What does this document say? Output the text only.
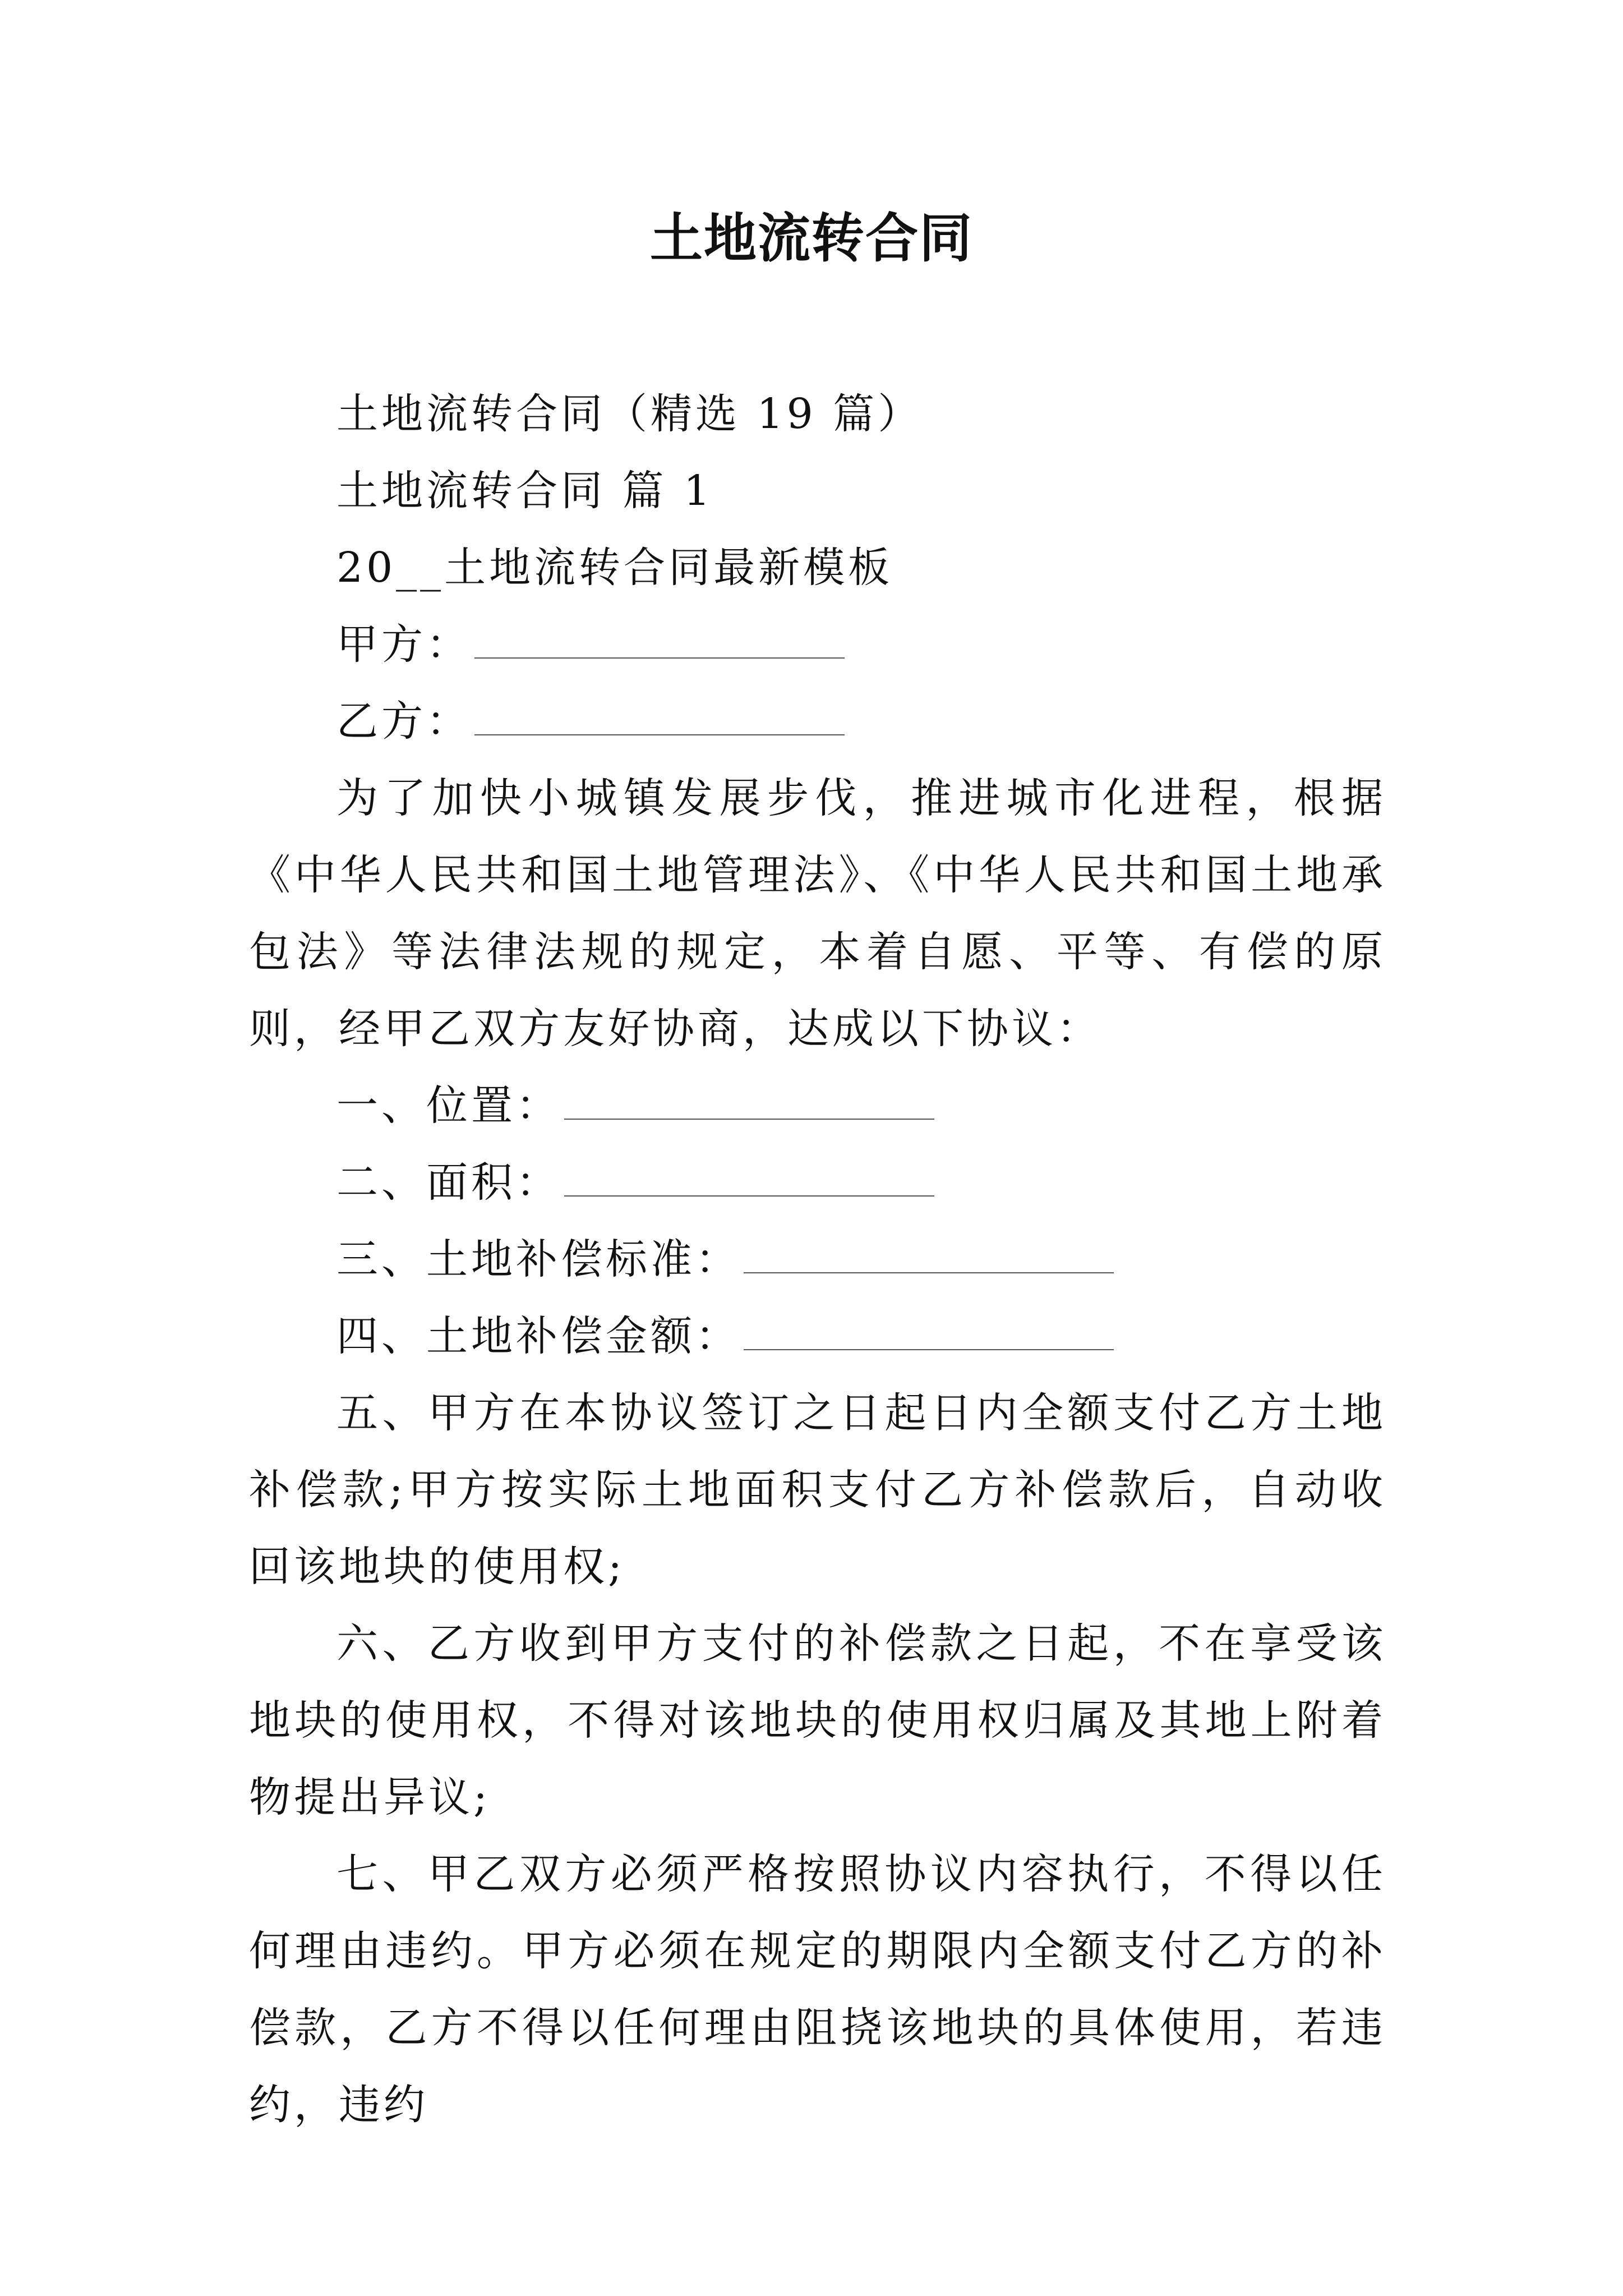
土地流转合同

土地流转合同（精选 19 篇）

土地流转合同 篇 1

20__土地流转合同最新模板

甲方：
乙方：

为了加快小城镇发展步伐，推进城市化进程，根据《中华人民共和国土地管理法》、《中华人民共和国土地承包法》等法律法规的规定，本着自愿、平等、有偿的原则，经甲乙双方友好协商，达成以下协议：

一、位置：
二、面积：
三、土地补偿标准：
四、土地补偿金额：

五、甲方在本协议签订之日起日内全额支付乙方土地补偿款;甲方按实际土地面积支付乙方补偿款后，自动收回该地块的使用权;

六、乙方收到甲方支付的补偿款之日起，不在享受该地块的使用权，不得对该地块的使用权归属及其地上附着物提出异议;

七、甲乙双方必须严格按照协议内容执行，不得以任何理由违约。甲方必须在规定的期限内全额支付乙方的补偿款，乙方不得以任何理由阻挠该地块的具体使用，若违约，违约
